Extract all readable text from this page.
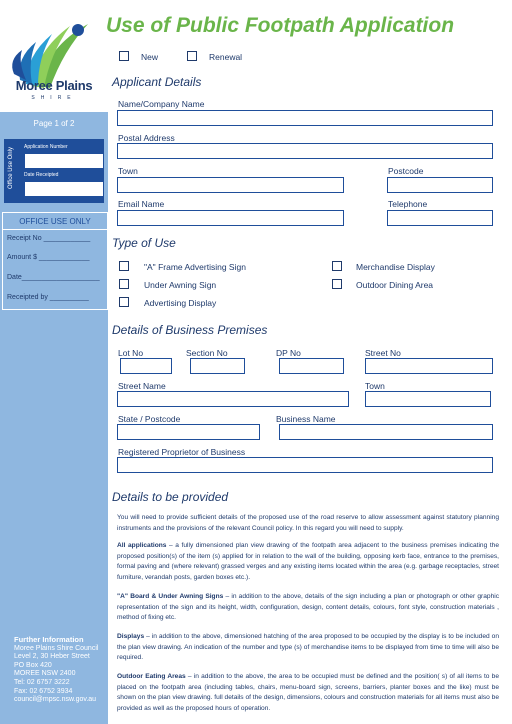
Moree Plains
SHIRE
Page 1 of 2
Office Use Only
Application Number
Date Receipted
OFFICE USE ONLY
Receipt No ____________
Amount $ _____________
Date____________________
Receipted by __________
Further Information
Moree Plains Shire Council
Level 2, 30 Heber Street
PO Box 420
MOREE NSW 2400
Tel: 02 6757 3222
Fax: 02 6752 3934
council@mpsc.nsw.gov.au
Use of Public Footpath Application
New	Renewal
Applicant Details
Name/Company Name
Postal Address
Town	Postcode
Email Name	Telephone
Type of Use
"A" Frame Advertising Sign	Merchandise Display
Under Awning Sign	Outdoor Dining Area
Advertising Display
Details of Business Premises
Lot No	Section No	DP No	Street No
Street Name	Town
State / Postcode	Business Name
Registered Proprietor of Business
Details to be provided
You will need to provide sufficient details of the proposed use of the road reserve to allow assessment against statutory planning instruments and the provisions of the relevant Council policy. In this regard you will need to supply.
All applications – a fully dimensioned plan view drawing of the footpath area adjacent to the business premises indicating the proposed position(s) of the item (s) applied for in relation to the wall of the building, opposing kerb face, entrance to the premises, formal paving and (where relevant) grassed verges and any existing items located within the area (e.g. garbage receptacles, street furniture, verandah posts, garden boxes etc.).
"A" Board & Under Awning Signs – in addition to the above, details of the sign including a plan or photograph or other graphic representation of the sign and its height, width, configuration, design, content details, colours, font style, construction materials , method of fixing etc.
Displays – in addition to the above, dimensioned hatching of the area proposed to be occupied by the display is to be included on the plan view drawing. An indication of the number and type (s) of merchandise items to be displayed from time to time will also be required.
Outdoor Eating Areas – in addition to the above, the area to be occupied must be defined and the position( s) of all items to be placed on the footpath area (including tables, chairs, menu-board sign, screens, barriers, planter boxes and the like) must be shown on the plan view drawing. full details of the design, dimensions, colours and construction materials for all items must also be provided as well as the proposed hours of operation.
